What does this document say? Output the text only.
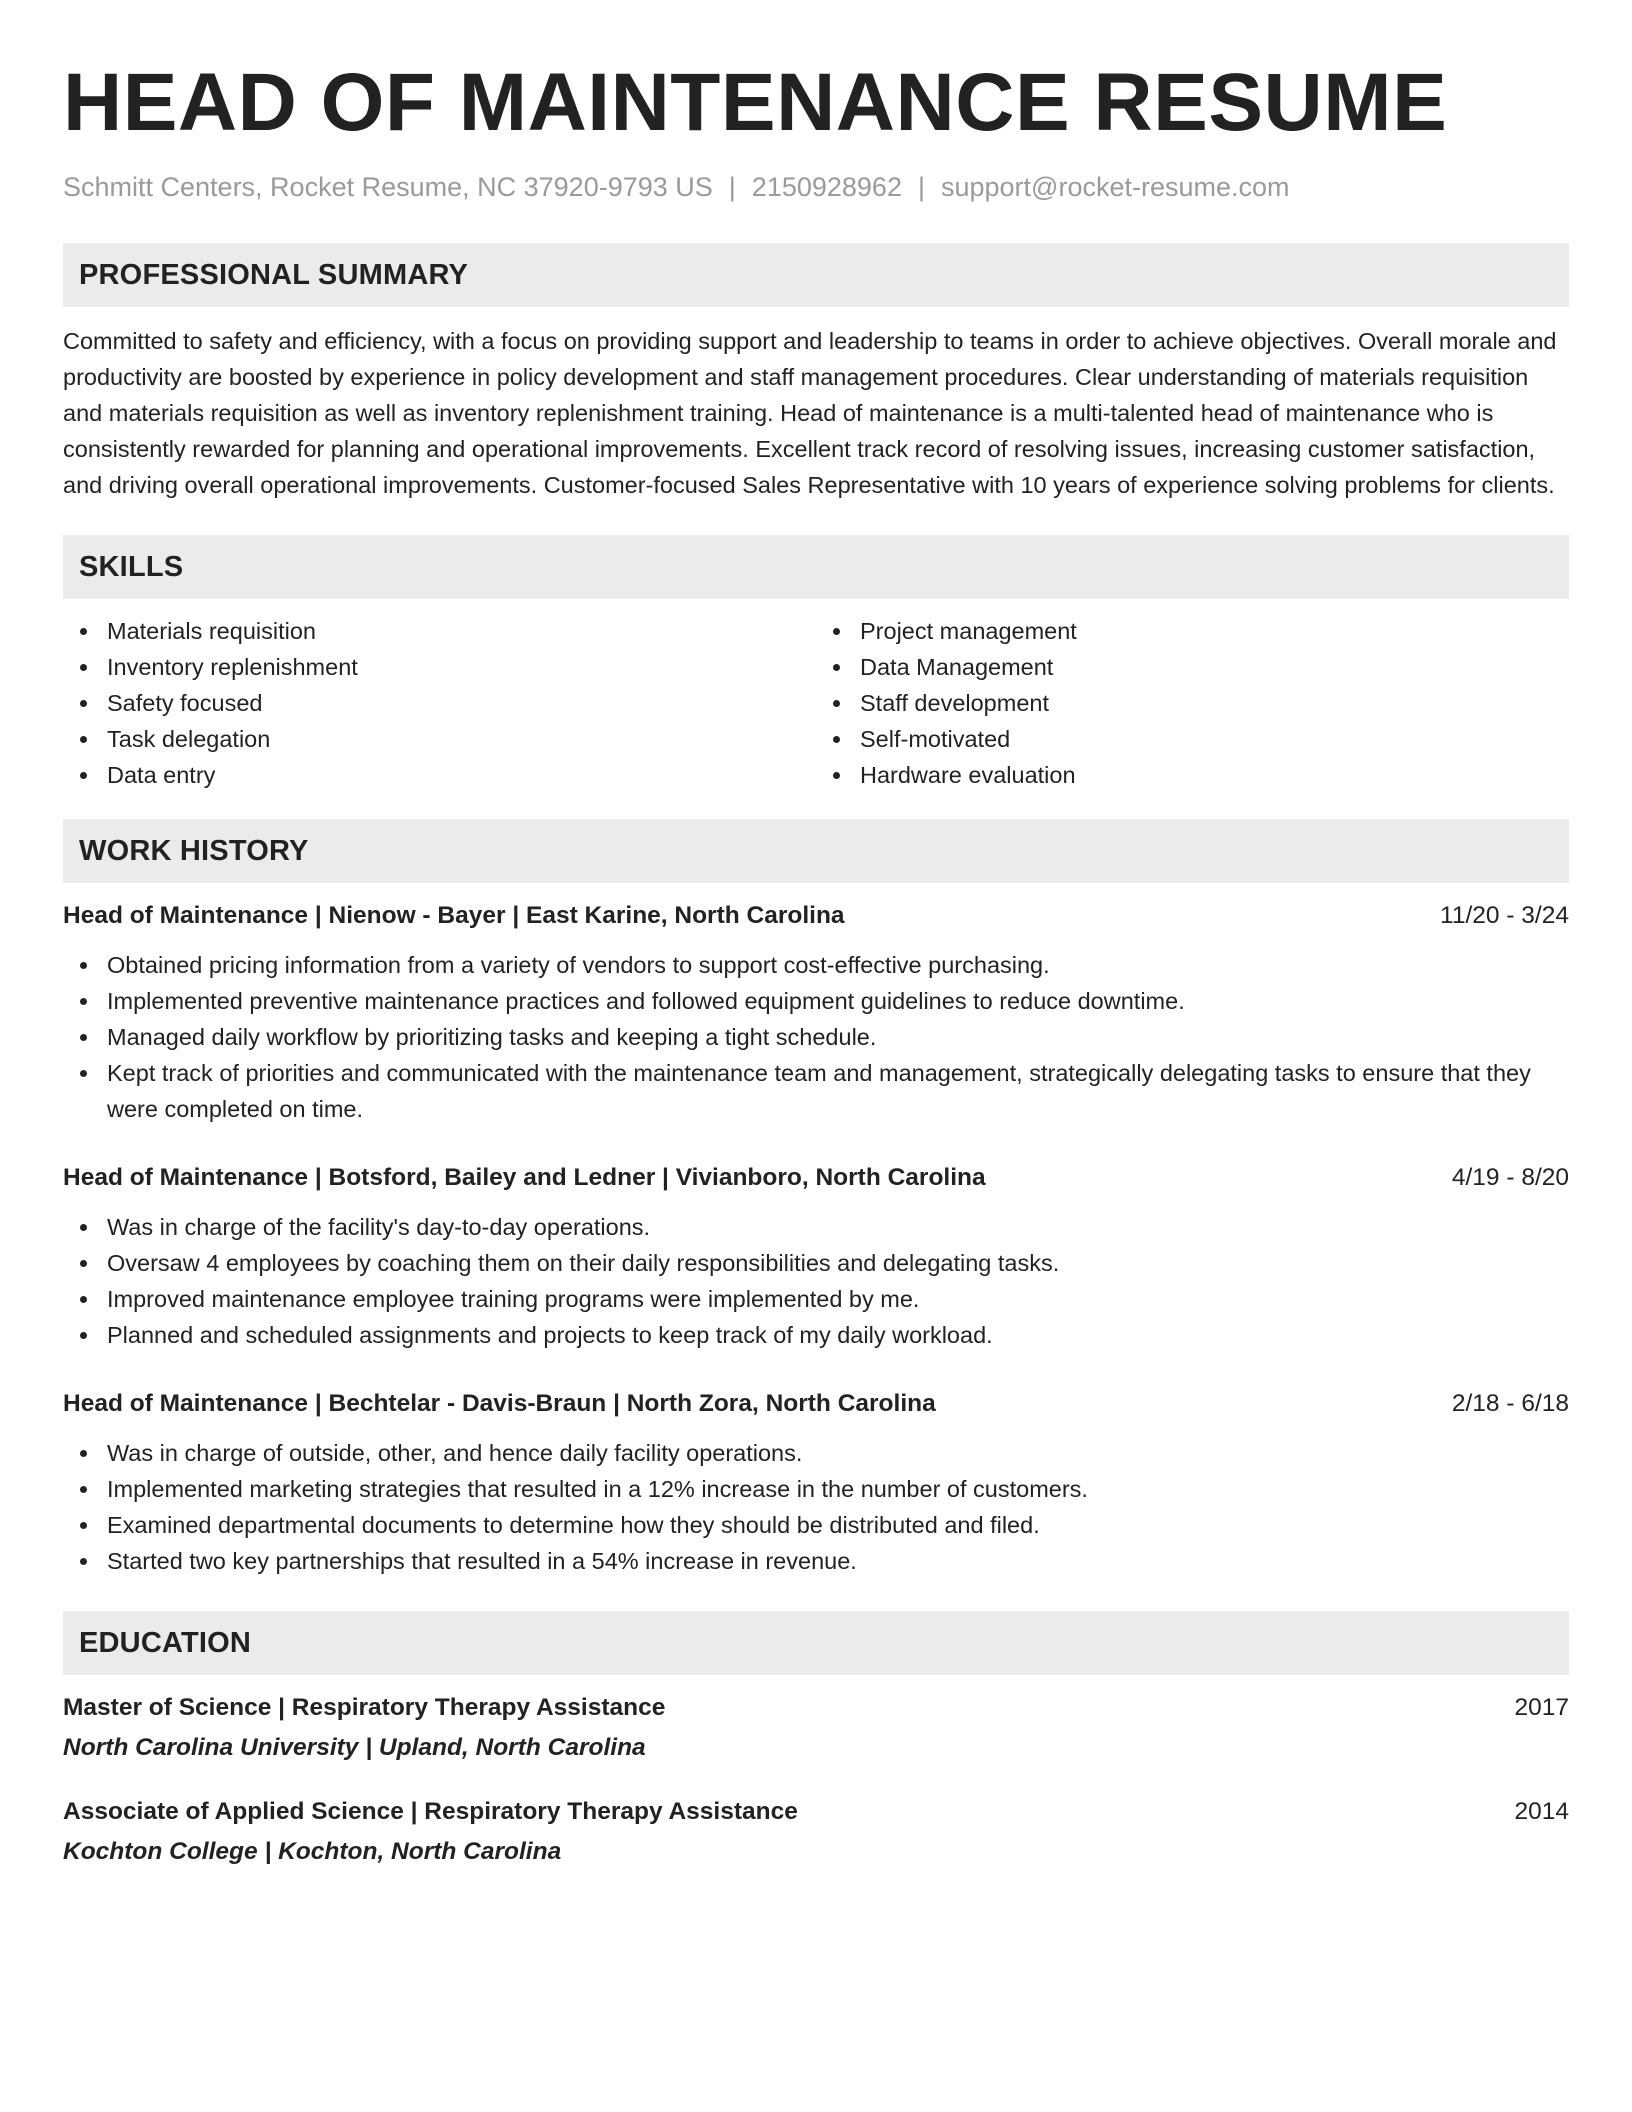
HEAD OF MAINTENANCE RESUME
Schmitt Centers, Rocket Resume, NC 37920-9793 US | 2150928962 | support@rocket-resume.com
PROFESSIONAL SUMMARY
Committed to safety and efficiency, with a focus on providing support and leadership to teams in order to achieve objectives. Overall morale and productivity are boosted by experience in policy development and staff management procedures. Clear understanding of materials requisition and materials requisition as well as inventory replenishment training. Head of maintenance is a multi-talented head of maintenance who is consistently rewarded for planning and operational improvements. Excellent track record of resolving issues, increasing customer satisfaction, and driving overall operational improvements. Customer-focused Sales Representative with 10 years of experience solving problems for clients.
SKILLS
Materials requisition
Inventory replenishment
Safety focused
Task delegation
Data entry
Project management
Data Management
Staff development
Self-motivated
Hardware evaluation
WORK HISTORY
Head of Maintenance | Nienow - Bayer | East Karine, North Carolina	11/20 - 3/24
Obtained pricing information from a variety of vendors to support cost-effective purchasing.
Implemented preventive maintenance practices and followed equipment guidelines to reduce downtime.
Managed daily workflow by prioritizing tasks and keeping a tight schedule.
Kept track of priorities and communicated with the maintenance team and management, strategically delegating tasks to ensure that they were completed on time.
Head of Maintenance | Botsford, Bailey and Ledner | Vivianboro, North Carolina	4/19 - 8/20
Was in charge of the facility's day-to-day operations.
Oversaw 4 employees by coaching them on their daily responsibilities and delegating tasks.
Improved maintenance employee training programs were implemented by me.
Planned and scheduled assignments and projects to keep track of my daily workload.
Head of Maintenance | Bechtelar - Davis-Braun | North Zora, North Carolina	2/18 - 6/18
Was in charge of outside, other, and hence daily facility operations.
Implemented marketing strategies that resulted in a 12% increase in the number of customers.
Examined departmental documents to determine how they should be distributed and filed.
Started two key partnerships that resulted in a 54% increase in revenue.
EDUCATION
Master of Science | Respiratory Therapy Assistance	2017
North Carolina University | Upland, North Carolina
Associate of Applied Science | Respiratory Therapy Assistance	2014
Kochton College | Kochton, North Carolina
